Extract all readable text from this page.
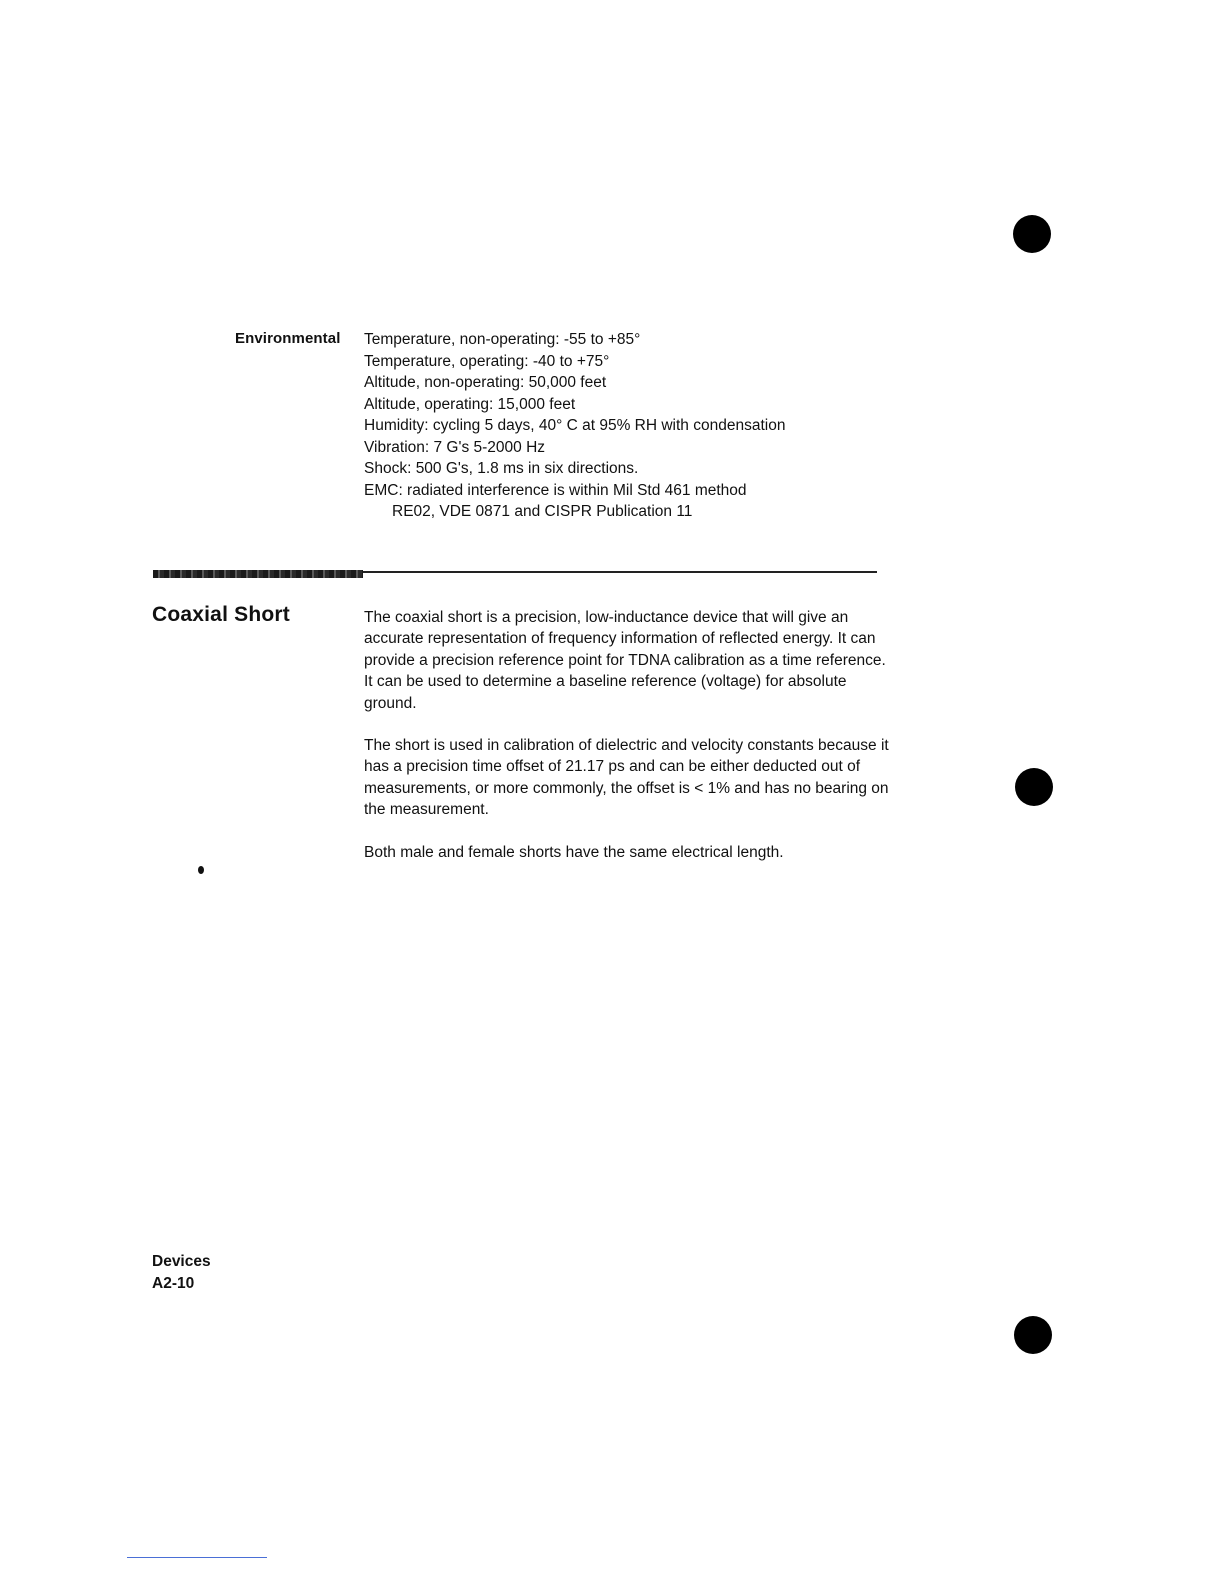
Environmental Temperature, non-operating: -55 to +85°
Temperature, operating: -40 to +75°
Altitude, non-operating: 50,000 feet
Altitude, operating: 15,000 feet
Humidity: cycling 5 days, 40° C at 95% RH with condensation
Vibration: 7 G's 5-2000 Hz
Shock: 500 G's, 1.8 ms in six directions.
EMC: radiated interference is within Mil Std 461 method
RE02, VDE 0871 and CISPR Publication 11
Coaxial Short	The coaxial short is a precision, low-inductance device that will give an accurate representation of frequency information of reflected energy. It can provide a precision reference point for TDNA calibration as a time reference. It can be used to determine a baseline reference (voltage) for absolute ground.

The short is used in calibration of dielectric and velocity constants because it has a precision time offset of 21.17 ps and can be either deducted out of measurements, or more commonly, the offset is < 1% and has no bearing on the measurement.

Both male and female shorts have the same electrical length.

Devices
A2-10
